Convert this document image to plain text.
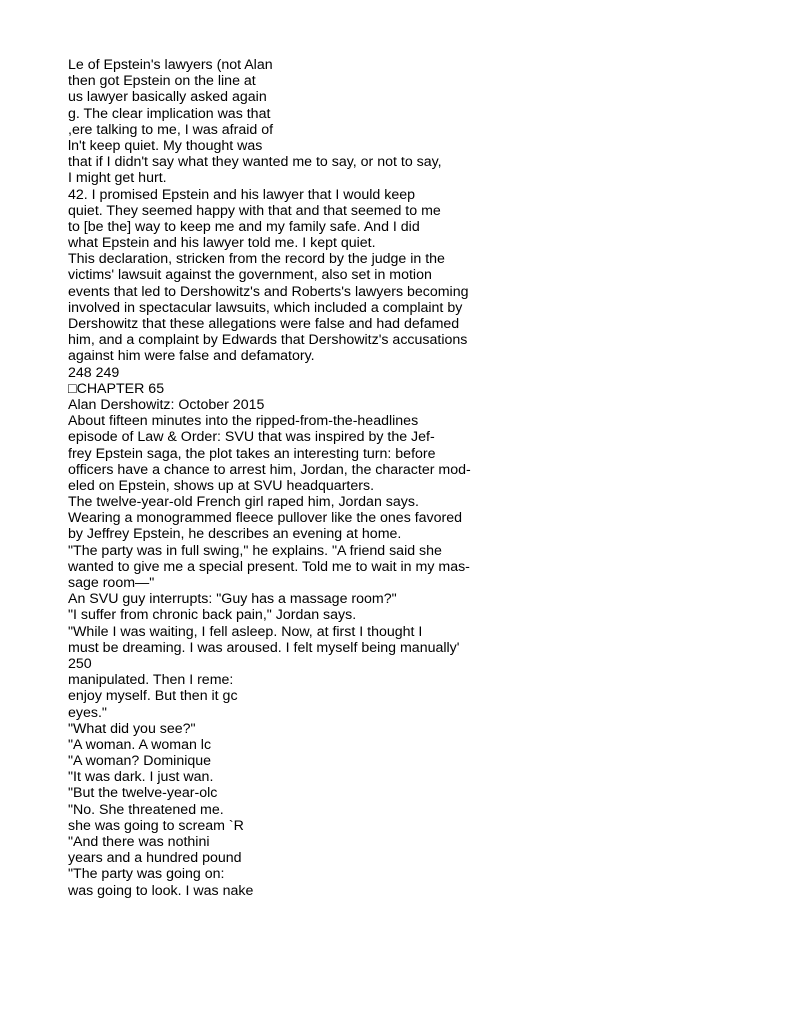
Le of Epstein's lawyers (not Alan
then got Epstein on the line at
us lawyer basically asked again
g. The clear implication was that
,ere talking to me, I was afraid of
ln't keep quiet. My thought was
that if I didn't say what they wanted me to say, or not to say,
I might get hurt.
42. I promised Epstein and his lawyer that I would keep
quiet. They seemed happy with that and that seemed to me
to [be the] way to keep me and my family safe. And I did
what Epstein and his lawyer told me. I kept quiet.
This declaration, stricken from the record by the judge in the
victims' lawsuit against the government, also set in motion
events that led to Dershowitz's and Roberts's lawyers becoming
involved in spectacular lawsuits, which included a complaint by
Dershowitz that these allegations were false and had defamed
him, and a complaint by Edwards that Dershowitz's accusations
against him were false and defamatory.
248 249
□CHAPTER 65
Alan Dershowitz: October 2015
About fifteen minutes into the ripped-from-the-headlines
episode of Law & Order: SVU that was inspired by the Jef-
frey Epstein saga, the plot takes an interesting turn: before
officers have a chance to arrest him, Jordan, the character mod-
eled on Epstein, shows up at SVU headquarters.
The twelve-year-old French girl raped him, Jordan says.
Wearing a monogrammed fleece pullover like the ones favored
by Jeffrey Epstein, he describes an evening at home.
"The party was in full swing," he explains. "A friend said she
wanted to give me a special present. Told me to wait in my mas-
sage room—"
An SVU guy interrupts: "Guy has a massage room?"
"I suffer from chronic back pain," Jordan says.
"While I was waiting, I fell asleep. Now, at first I thought I
must be dreaming. I was aroused. I felt myself being manually'
250
manipulated. Then I reme:
enjoy myself. But then it gc
eyes."
"What did you see?"
"A woman. A woman lc
"A woman? Dominique
"It was dark. I just wan.
"But the twelve-year-olc
"No. She threatened me.
she was going to scream `R
"And there was nothini
years and a hundred pound
"The party was going on:
was going to look. I was nake
